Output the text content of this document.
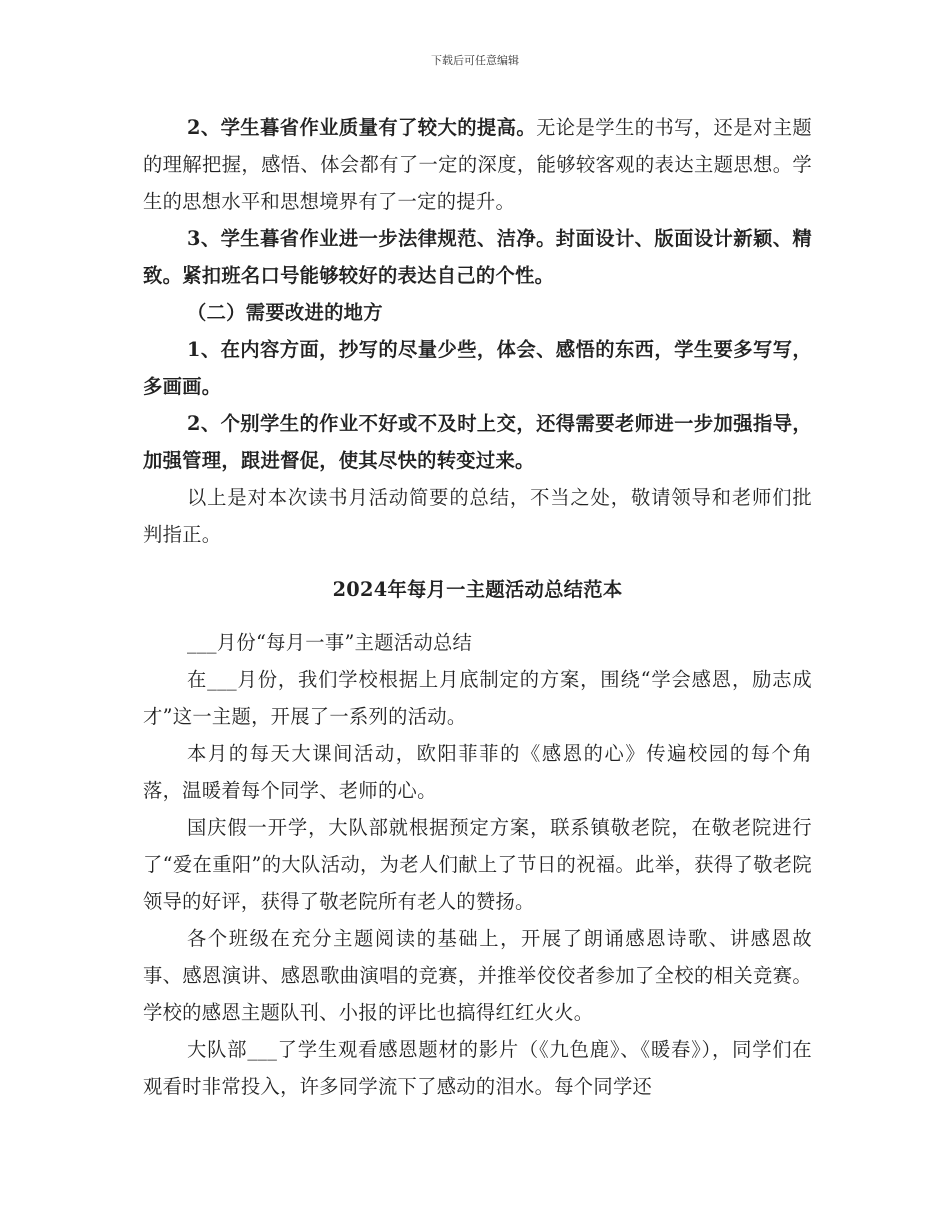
下载后可任意编辑

2、学生暮省作业质量有了较大的提高。无论是学生的书写，还是对主题的理解把握，感悟、体会都有了一定的深度，能够较客观的表达主题思想。学生的思想水平和思想境界有了一定的提升。

3、学生暮省作业进一步法律规范、洁净。封面设计、版面设计新颖、精致。紧扣班名口号能够较好的表达自己的个性。

（二）需要改进的地方

1、在内容方面，抄写的尽量少些，体会、感悟的东西，学生要多写写，多画画。

2、个别学生的作业不好或不及时上交，还得需要老师进一步加强指导，加强管理，跟进督促，使其尽快的转变过来。

以上是对本次读书月活动简要的总结，不当之处，敬请领导和老师们批判指正。

2024年每月一主题活动总结范本

___月份“每月一事”主题活动总结

在___月份，我们学校根据上月底制定的方案，围绕“学会感恩，励志成才”这一主题，开展了一系列的活动。

本月的每天大课间活动，欧阳菲菲的《感恩的心》传遍校园的每个角落，温暖着每个同学、老师的心。

国庆假一开学，大队部就根据预定方案，联系镇敬老院，在敬老院进行了“爱在重阳”的大队活动，为老人们献上了节日的祝福。此举，获得了敬老院领导的好评，获得了敬老院所有老人的赞扬。

各个班级在充分主题阅读的基础上，开展了朗诵感恩诗歌、讲感恩故事、感恩演讲、感恩歌曲演唱的竞赛，并推举佼佼者参加了全校的相关竞赛。学校的感恩主题队刊、小报的评比也搞得红红火火。

大队部___了学生观看感恩题材的影片（《九色鹿》、《暖春》），同学们在观看时非常投入，许多同学流下了感动的泪水。每个同学还
